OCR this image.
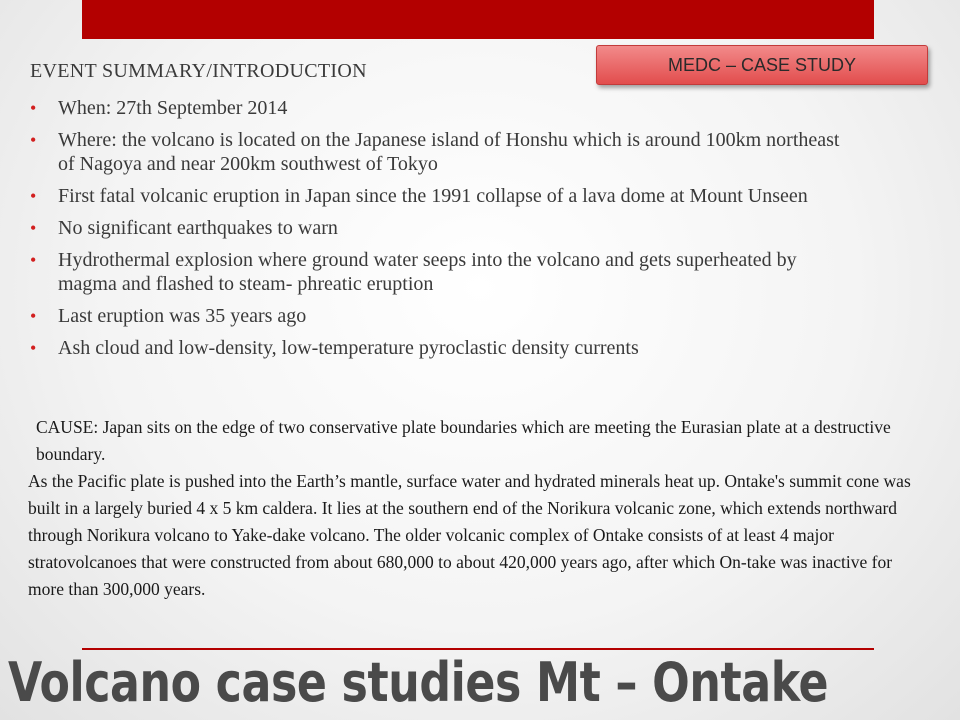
MEDC – CASE STUDY
EVENT SUMMARY/INTRODUCTION
• When: 27th September 2014
• Where: the volcano is located on the Japanese island of Honshu which is around 100km northeast of Nagoya and near 200km southwest of Tokyo
• First fatal volcanic eruption in Japan since the 1991 collapse of a lava dome at Mount Unseen
• No significant earthquakes to warn
• Hydrothermal explosion where ground water seeps into the volcano and gets superheated by magma and flashed to steam- phreatic eruption
• Last eruption was 35 years ago
• Ash cloud and low-density, low-temperature pyroclastic density currents

CAUSE: Japan sits on the edge of two conservative plate boundaries which are meeting the Eurasian plate at a destructive boundary.

As the Pacific plate is pushed into the Earth’s mantle, surface water and hydrated minerals heat up. Ontake's summit cone was built in a largely buried 4 x 5 km caldera. It lies at the southern end of the Norikura volcanic zone, which extends northward through Norikura volcano to Yake-dake volcano. The older volcanic complex of Ontake consists of at least 4 major stratovolcanoes that were constructed from about 680,000 to about 420,000 years ago, after which On-take was inactive for more than 300,000 years.

Volcano case studies Mt – Ontake
